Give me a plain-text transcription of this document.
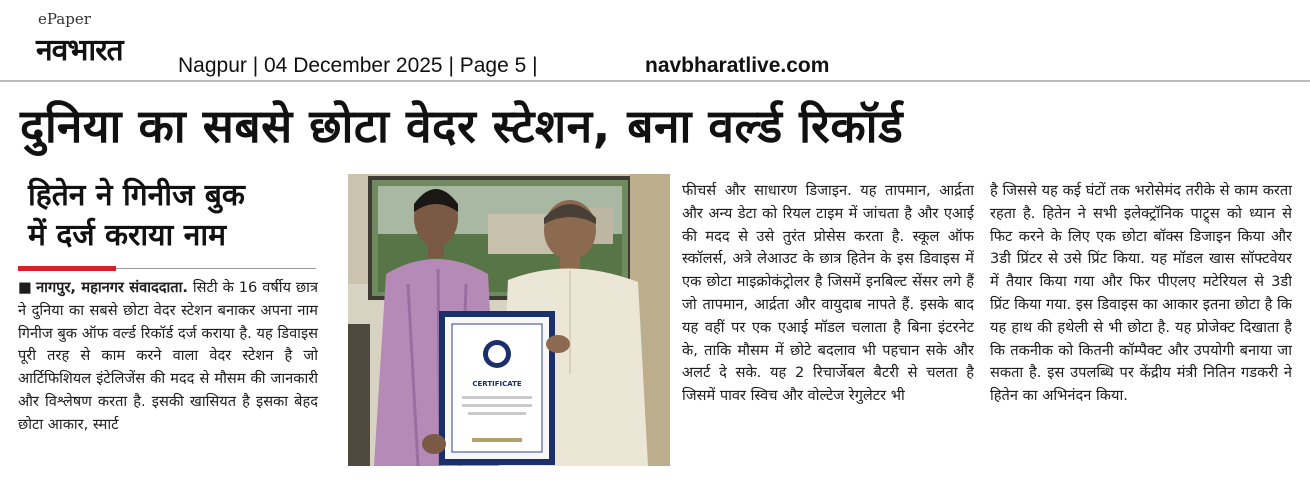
ePaper
नवभारत	Nagpur | 04 December 2025 | Page 5 |	navbharatlive.com
दुनिया का सबसे छोटा वेदर स्टेशन, बना वर्ल्ड रिकॉर्ड
हितेन ने गिनीज बुक
में दर्ज कराया नाम
■ नागपुर, महानगर संवाददाता. सिटी के 16 वर्षीय छात्र ने दुनिया का सबसे छोटा वेदर स्टेशन बनाकर अपना नाम गिनीज बुक ऑफ वर्ल्ड रिकॉर्ड दर्ज कराया है. यह डिवाइस पूरी तरह से काम करने वाला वेदर स्टेशन है जो आर्टिफिशियल इंटेलिजेंस की मदद से मौसम की जानकारी और विश्लेषण करता है. इसकी खासियत है इसका बेहद छोटा आकार, स्मार्ट
CERTIFICATE
फीचर्स और साधारण डिजाइन. यह तापमान, आर्द्रता और अन्य डेटा को रियल टाइम में जांचता है और एआई की मदद से उसे तुरंत प्रोसेस करता है. स्कूल ऑफ स्कॉलर्स, अत्रे लेआउट के छात्र हितेन के इस डिवाइस में एक छोटा माइक्रोकंट्रोलर है जिसमें इनबिल्ट सेंसर लगे हैं जो तापमान, आर्द्रता और वायुदाब नापते हैं. इसके बाद यह वहीं पर एक एआई मॉडल चलाता है बिना इंटरनेट के, ताकि मौसम में छोटे बदलाव भी पहचान सके और अलर्ट दे सके. यह 2 रिचार्जेबल बैटरी से चलता है जिसमें पावर स्विच और वोल्टेज रेगुलेटर भी
है जिससे यह कई घंटों तक भरोसेमंद तरीके से काम करता रहता है. हितेन ने सभी इलेक्ट्रॉनिक पाट्र्स को ध्यान से फिट करने के लिए एक छोटा बॉक्स डिजाइन किया और 3डी प्रिंटर से उसे प्रिंट किया. यह मॉडल खास सॉफ्टवेयर में तैयार किया गया और फिर पीएलए मटेरियल से 3डी प्रिंट किया गया. इस डिवाइस का आकार इतना छोटा है कि यह हाथ की हथेली से भी छोटा है. यह प्रोजेक्ट दिखाता है कि तकनीक को कितनी कॉम्पैक्ट और उपयोगी बनाया जा सकता है. इस उपलब्धि पर केंद्रीय मंत्री नितिन गडकरी ने हितेन का अभिनंदन किया.
